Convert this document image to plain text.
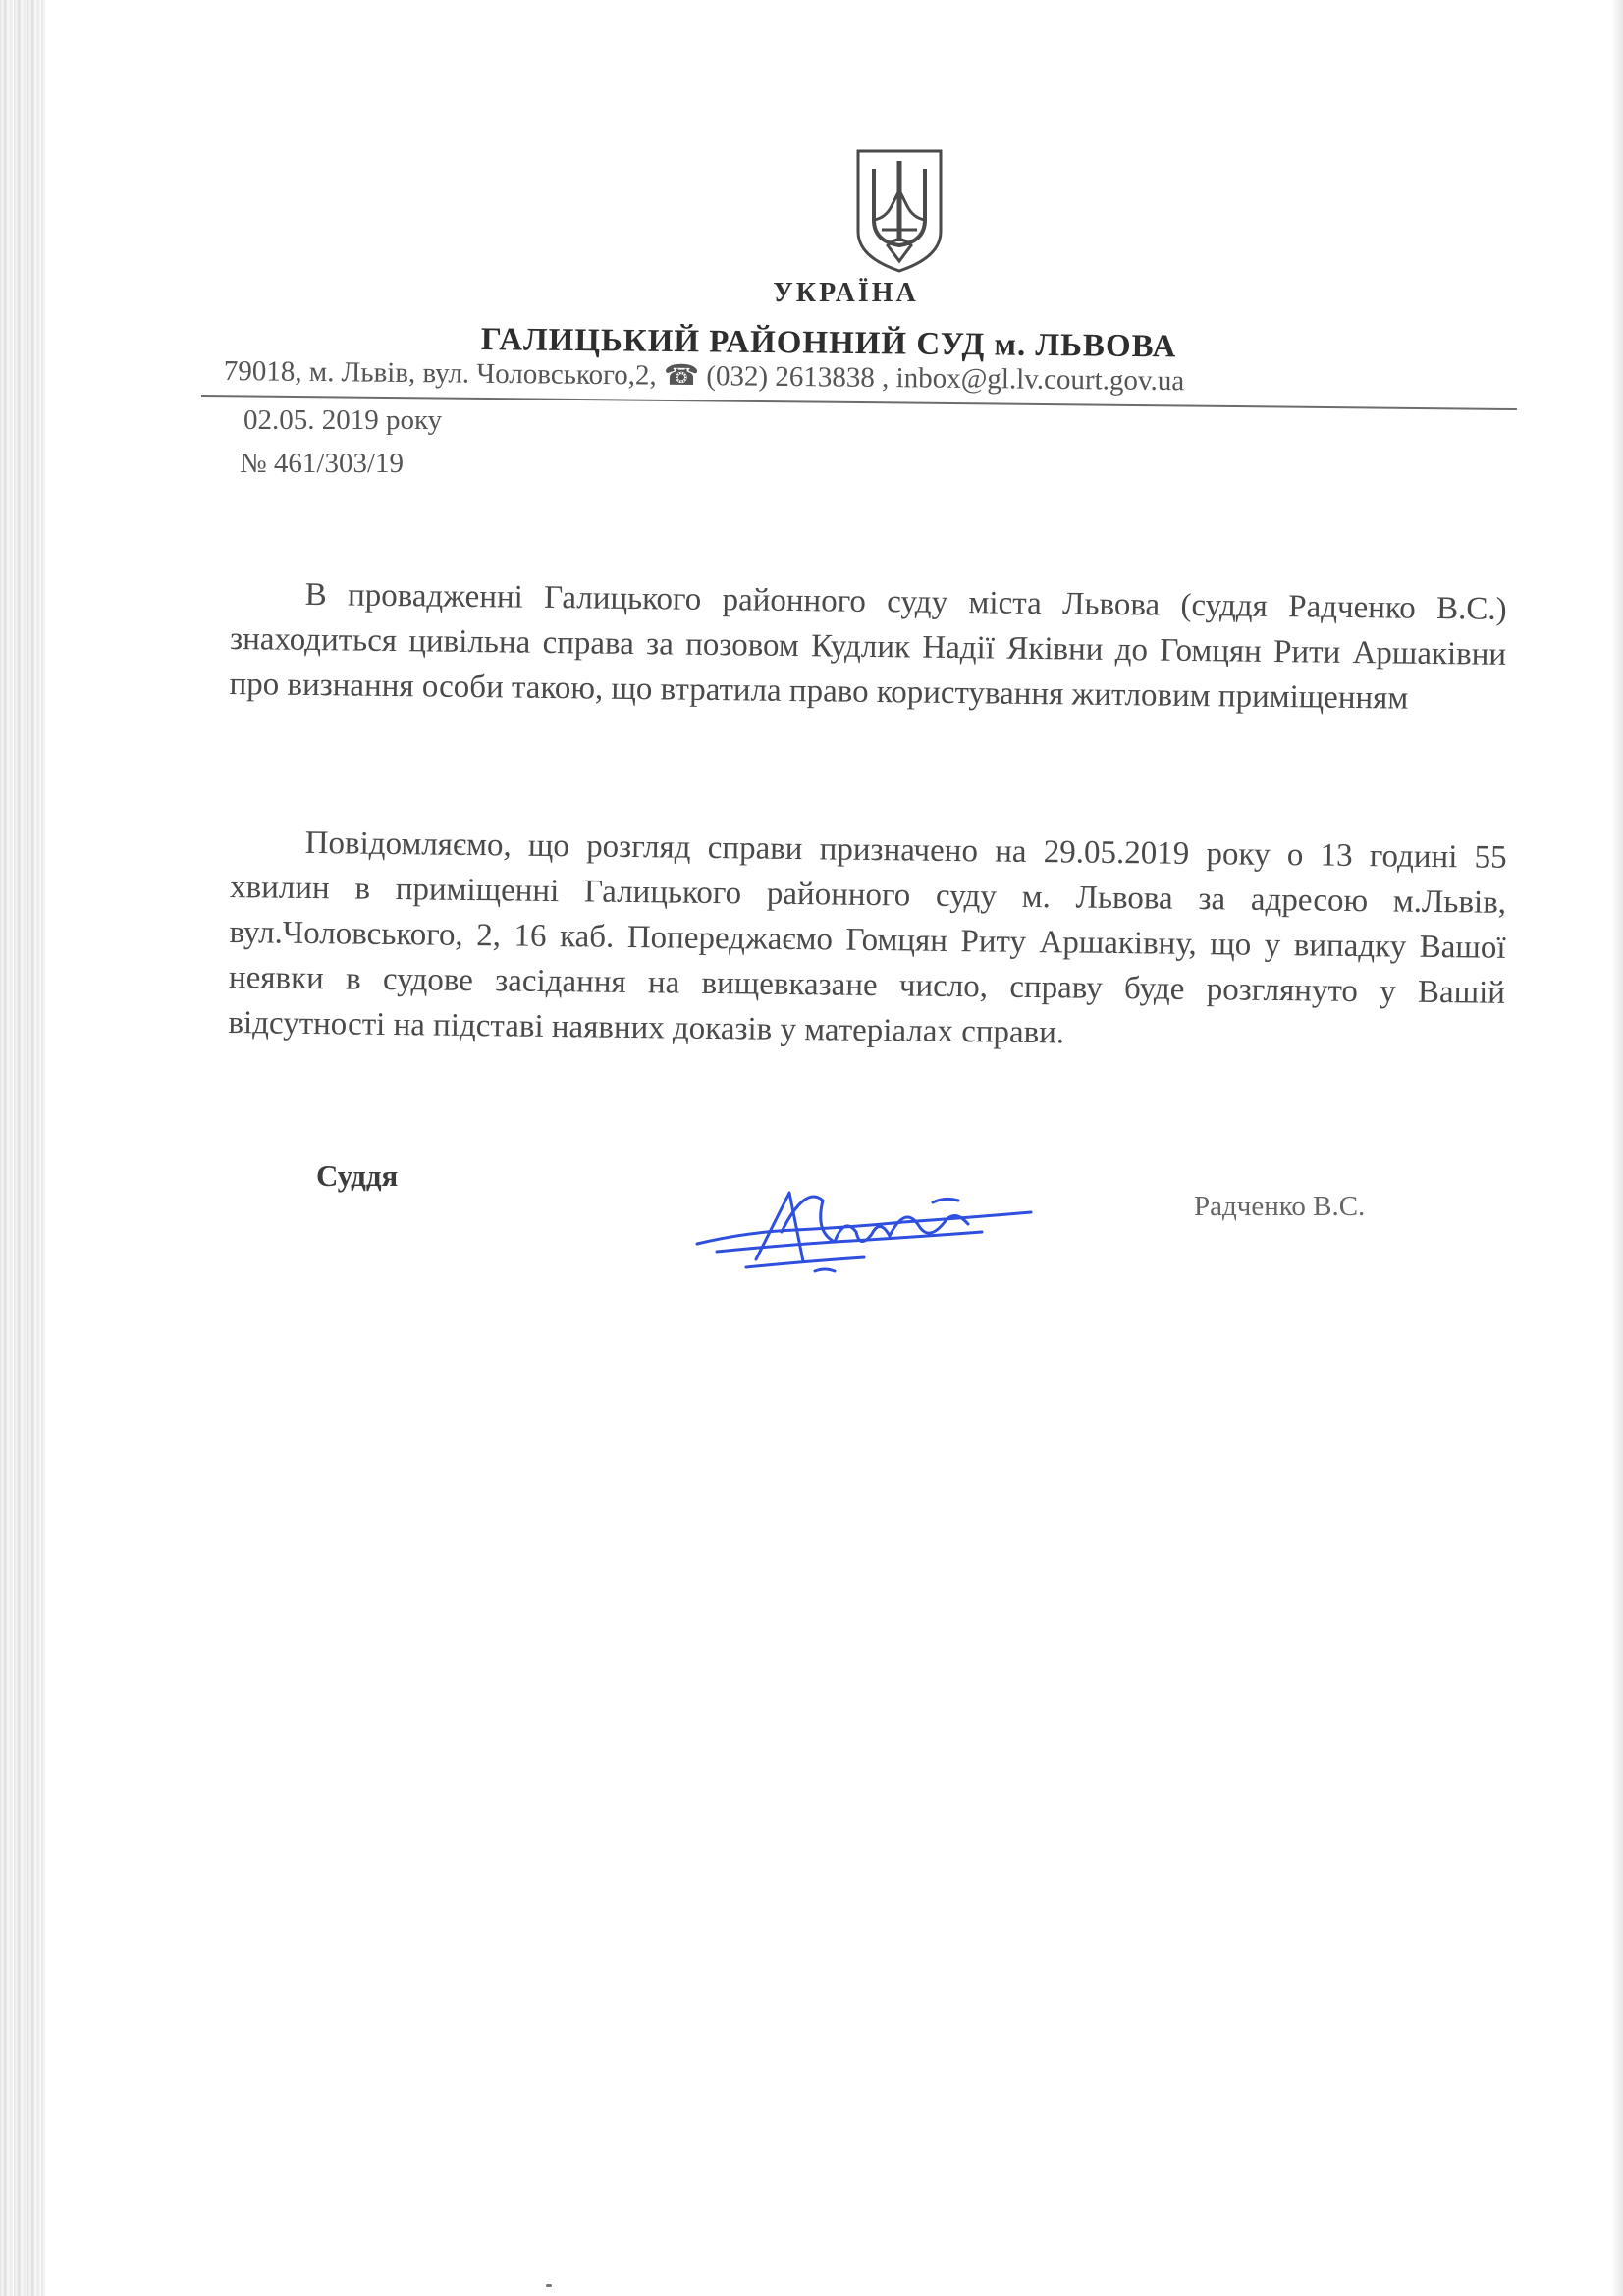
УКРАЇНА
ГАЛИЦЬКИЙ РАЙОННИЙ СУД м. ЛЬВОВА
79018, м. Львів, вул. Чоловського,2, ☎ (032) 2613838 , inbox@gl.lv.court.gov.ua
02.05. 2019 року
№ 461/303/19

В провадженні Галицького районного суду міста Львова (суддя Радченко В.С.) знаходиться цивільна справа за позовом Кудлик Надії Яківни до Гомцян Рити Аршаківни про визнання особи такою, що втратила право користування житловим приміщенням

Повідомляємо, що розгляд справи призначено на 29.05.2019 року о 13 годині 55 хвилин в приміщенні Галицького районного суду м. Львова за адресою м.Львів, вул.Чоловського, 2, 16 каб. Попереджаємо Гомцян Риту Аршаківну, що у випадку Вашої неявки в судове засідання на вищевказане число, справу буде розглянуто у Вашій відсутності на підставі наявних доказів у матеріалах справи.

Суддя
Радченко В.С.
